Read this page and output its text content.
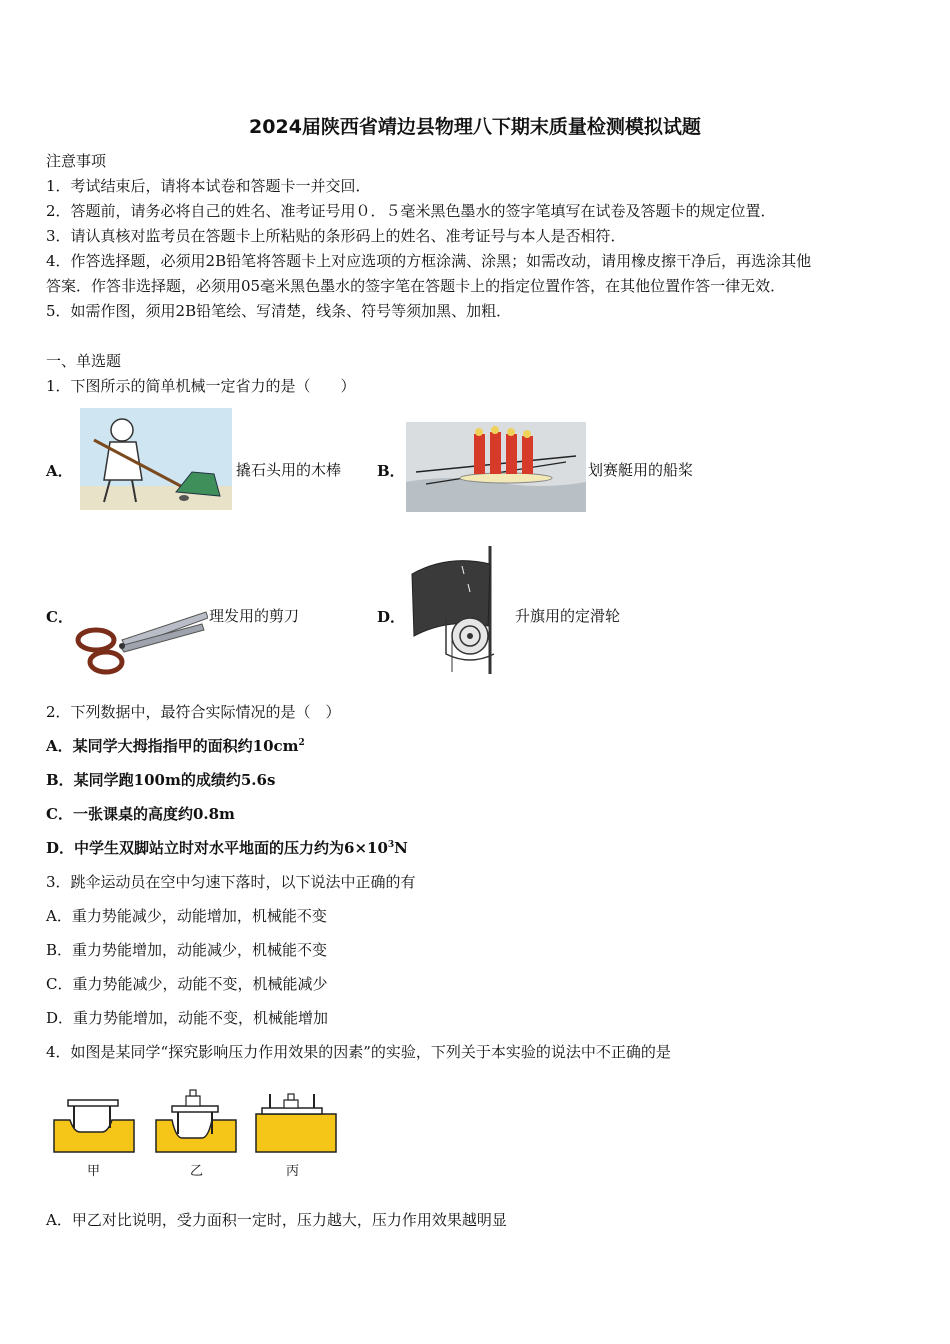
2024届陕西省靖边县物理八下期末质量检测模拟试题
注意事项
1．考试结束后，请将本试卷和答题卡一并交回．
2．答题前，请务必将自己的姓名、准考证号用０．５毫米黑色墨水的签字笔填写在试卷及答题卡的规定位置．
3．请认真核对监考员在答题卡上所粘贴的条形码上的姓名、准考证号与本人是否相符．
4．作答选择题，必须用2B铅笔将答题卡上对应选项的方框涂满、涂黑；如需改动，请用橡皮擦干净后，再选涂其他
答案．作答非选择题，必须用05毫米黑色墨水的签字笔在答题卡上的指定位置作答，在其他位置作答一律无效．
5．如需作图，须用2B铅笔绘、写清楚，线条、符号等须加黑、加粗．
一、单选题
1．下图所示的简单机械一定省力的是（　　）
A．	撬石头用的木棒 B．	划赛艇用的船桨
C．	理发用的剪刀	D．	升旗用的定滑轮
2．下列数据中，最符合实际情况的是（　）
A．某同学大拇指指甲的面积约$10cm^2$
B．某同学跑100m的成绩约5.6s
C．一张课桌的高度约0.8m
D．中学生双脚站立时对水平地面的压力约为$6\times 10^3N$
3．跳伞运动员在空中匀速下落时，以下说法中正确的有
A．重力势能减少，动能增加，机械能不变
B．重力势能增加，动能减少，机械能不变
C．重力势能减少，动能不变，机械能减少
D．重力势能增加，动能不变，机械能增加
4．如图是某同学“探究影响压力作用效果的因素”的实验，下列关于本实验的说法中不正确的是
甲	乙	丙
A．甲乙对比说明，受力面积一定时，压力越大，压力作用效果越明显
